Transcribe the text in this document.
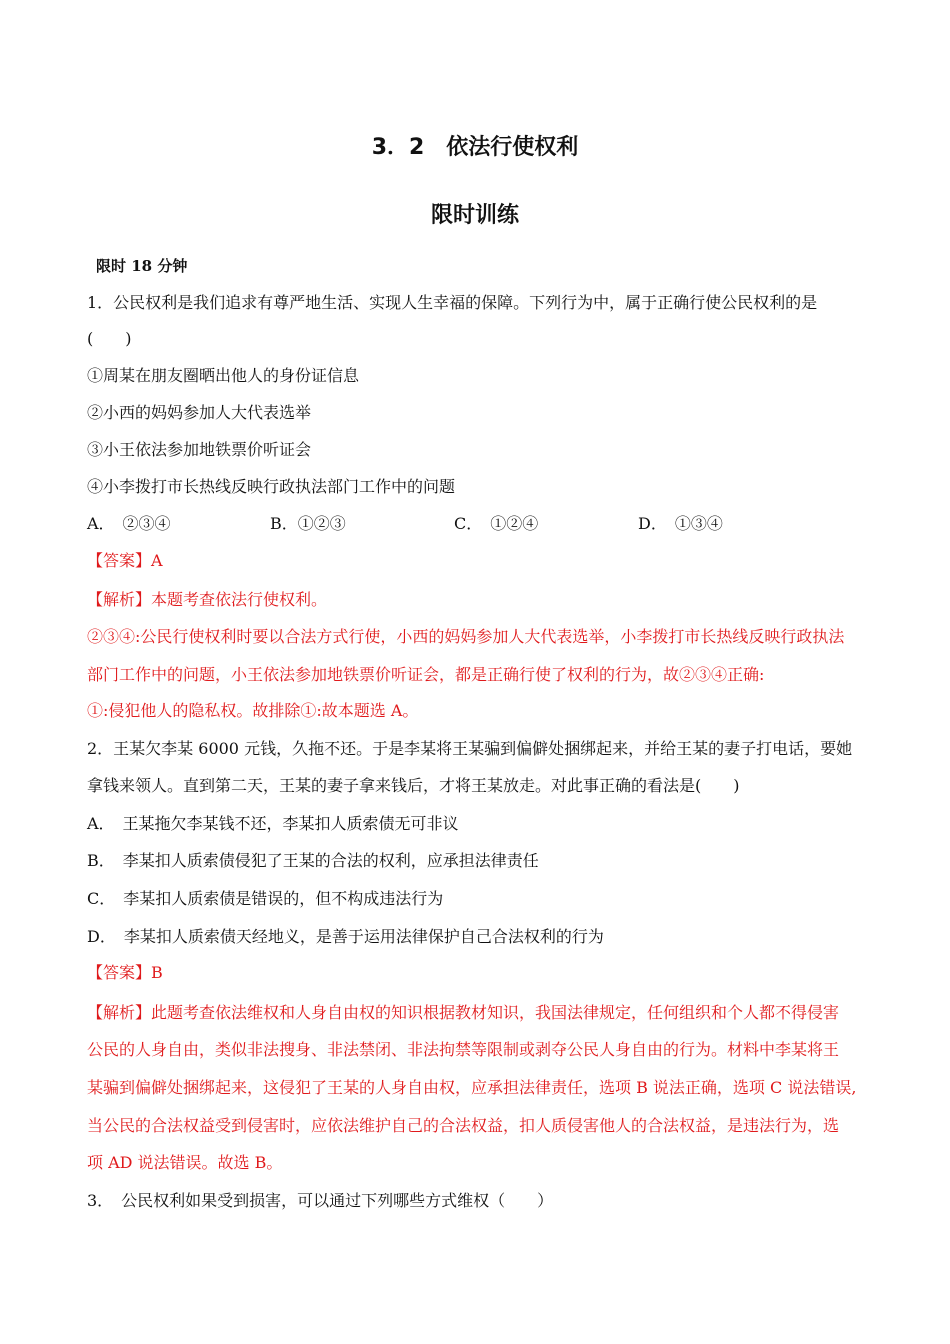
3．2　依法行使权利
限时训练
限时 18 分钟
1．公民权利是我们追求有尊严地生活、实现人生幸福的保障。下列行为中，属于正确行使公民权利的是
(　　)
①周某在朋友圈晒出他人的身份证信息
②小西的妈妈参加人大代表选举
③小王依法参加地铁票价听证会
④小李拨打市长热线反映行政执法部门工作中的问题
A．　②③④	B．①②③	C．　①②④	D．　①③④
【答案】A
【解析】本题考查依法行使权利。
②③④:公民行使权利时要以合法方式行使，小西的妈妈参加人大代表选举，小李拨打市长热线反映行政执法
部门工作中的问题，小王依法参加地铁票价听证会，都是正确行使了权利的行为，故②③④正确:
①:侵犯他人的隐私权。故排除①:故本题选 A。
2．王某欠李某 6000 元钱，久拖不还。于是李某将王某骗到偏僻处捆绑起来，并给王某的妻子打电话，要她
拿钱来领人。直到第二天，王某的妻子拿来钱后，才将王某放走。对此事正确的看法是(　　)
A．　王某拖欠李某钱不还，李某扣人质索债无可非议
B．　李某扣人质索债侵犯了王某的合法的权利，应承担法律责任
C．　李某扣人质索债是错误的，但不构成违法行为
D．　李某扣人质索债天经地义，是善于运用法律保护自己合法权利的行为
【答案】B
【解析】此题考查依法维权和人身自由权的知识根据教材知识，我国法律规定，任何组织和个人都不得侵害
公民的人身自由，类似非法搜身、非法禁闭、非法拘禁等限制或剥夺公民人身自由的行为。材料中李某将王
某骗到偏僻处捆绑起来，这侵犯了王某的人身自由权，应承担法律责任，选项 B 说法正确，选项 C 说法错误,
当公民的合法权益受到侵害时，应依法维护自己的合法权益，扣人质侵害他人的合法权益，是违法行为，选
项 AD 说法错误。故选 B。
3．　公民权利如果受到损害，可以通过下列哪些方式维权（　　）
